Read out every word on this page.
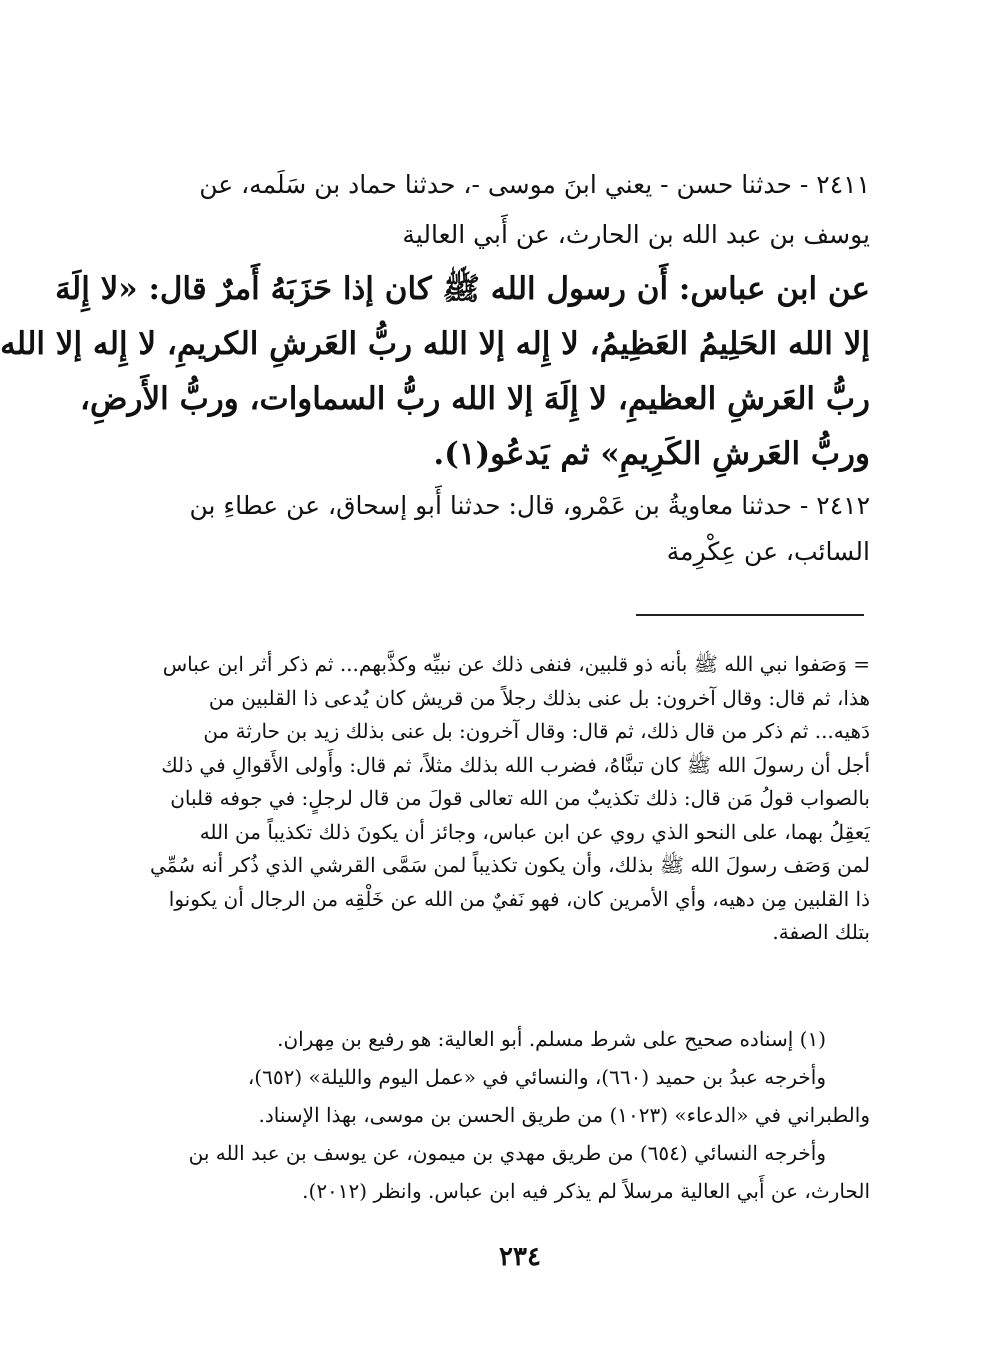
٢٤١١ - حدثنا حسن - يعني ابنَ موسى -، حدثنا حماد بن سَلَمه، عن
يوسف بن عبد الله بن الحارث، عن أَبي العالية
عن ابن عباس: أَن رسول الله ﷺ كان إذا حَزَبَهُ أَمرٌ قال: «لا إِلَهَ
إلا الله الحَلِيمُ العَظِيمُ، لا إِله إلا الله ربُّ العَرشِ الكريمِ، لا إِله إلا الله
ربُّ العَرشِ العظيمِ، لا إِلَهَ إلا الله ربُّ السماوات، وربُّ الأَرضِ،
وربُّ العَرشِ الكَرِيمِ» ثم يَدعُو(١).
٢٤١٢ - حدثنا معاويةُ بن عَمْرو، قال: حدثنا أَبو إسحاق، عن عطاءِ بن
السائب، عن عِكْرِمة
= وَصَفوا نبي الله ﷺ بأنه ذو قلبين، فنفى ذلك عن نبيِّه وكذَّبهم... ثم ذكر أثر ابن عباس
هذا، ثم قال: وقال آخرون: بل عنى بذلك رجلاً من قريش كان يُدعى ذا القلبين من
دَهيه... ثم ذكر من قال ذلك، ثم قال: وقال آخرون: بل عنى بذلك زيد بن حارثة من
أجل أن رسولَ الله ﷺ كان تبنَّاهُ، فضرب الله بذلك مثلاً، ثم قال: وأَولى الأَقوالِ في ذلك
بالصواب قولُ مَن قال: ذلك تكذيبٌ من الله تعالى قولَ من قال لرجلٍ: في جوفه قلبان
يَعقِلُ بهما، على النحو الذي روي عن ابن عباس، وجائز أن يكونَ ذلك تكذيباً من الله
لمن وَصَف رسولَ الله ﷺ بذلك، وأن يكون تكذيباً لمن سَمَّى القرشي الذي ذُكر أنه سُمِّي
ذا القلبين مِن دهيه، وأي الأمرين كان، فهو نَفيٌ من الله عن خَلْقِه من الرجال أن يكونوا
بتلك الصفة.
(١) إسناده صحيح على شرط مسلم. أبو العالية: هو رفيع بن مِهران.
وأخرجه عبدُ بن حميد (٦٦٠)، والنسائي في «عمل اليوم والليلة» (٦٥٢)،
والطبراني في «الدعاء» (١٠٢٣) من طريق الحسن بن موسى، بهذا الإسناد.
وأخرجه النسائي (٦٥٤) من طريق مهدي بن ميمون، عن يوسف بن عبد الله بن
الحارث، عن أَبي العالية مرسلاً لم يذكر فيه ابن عباس. وانظر (٢٠١٢).
٢٣٤
